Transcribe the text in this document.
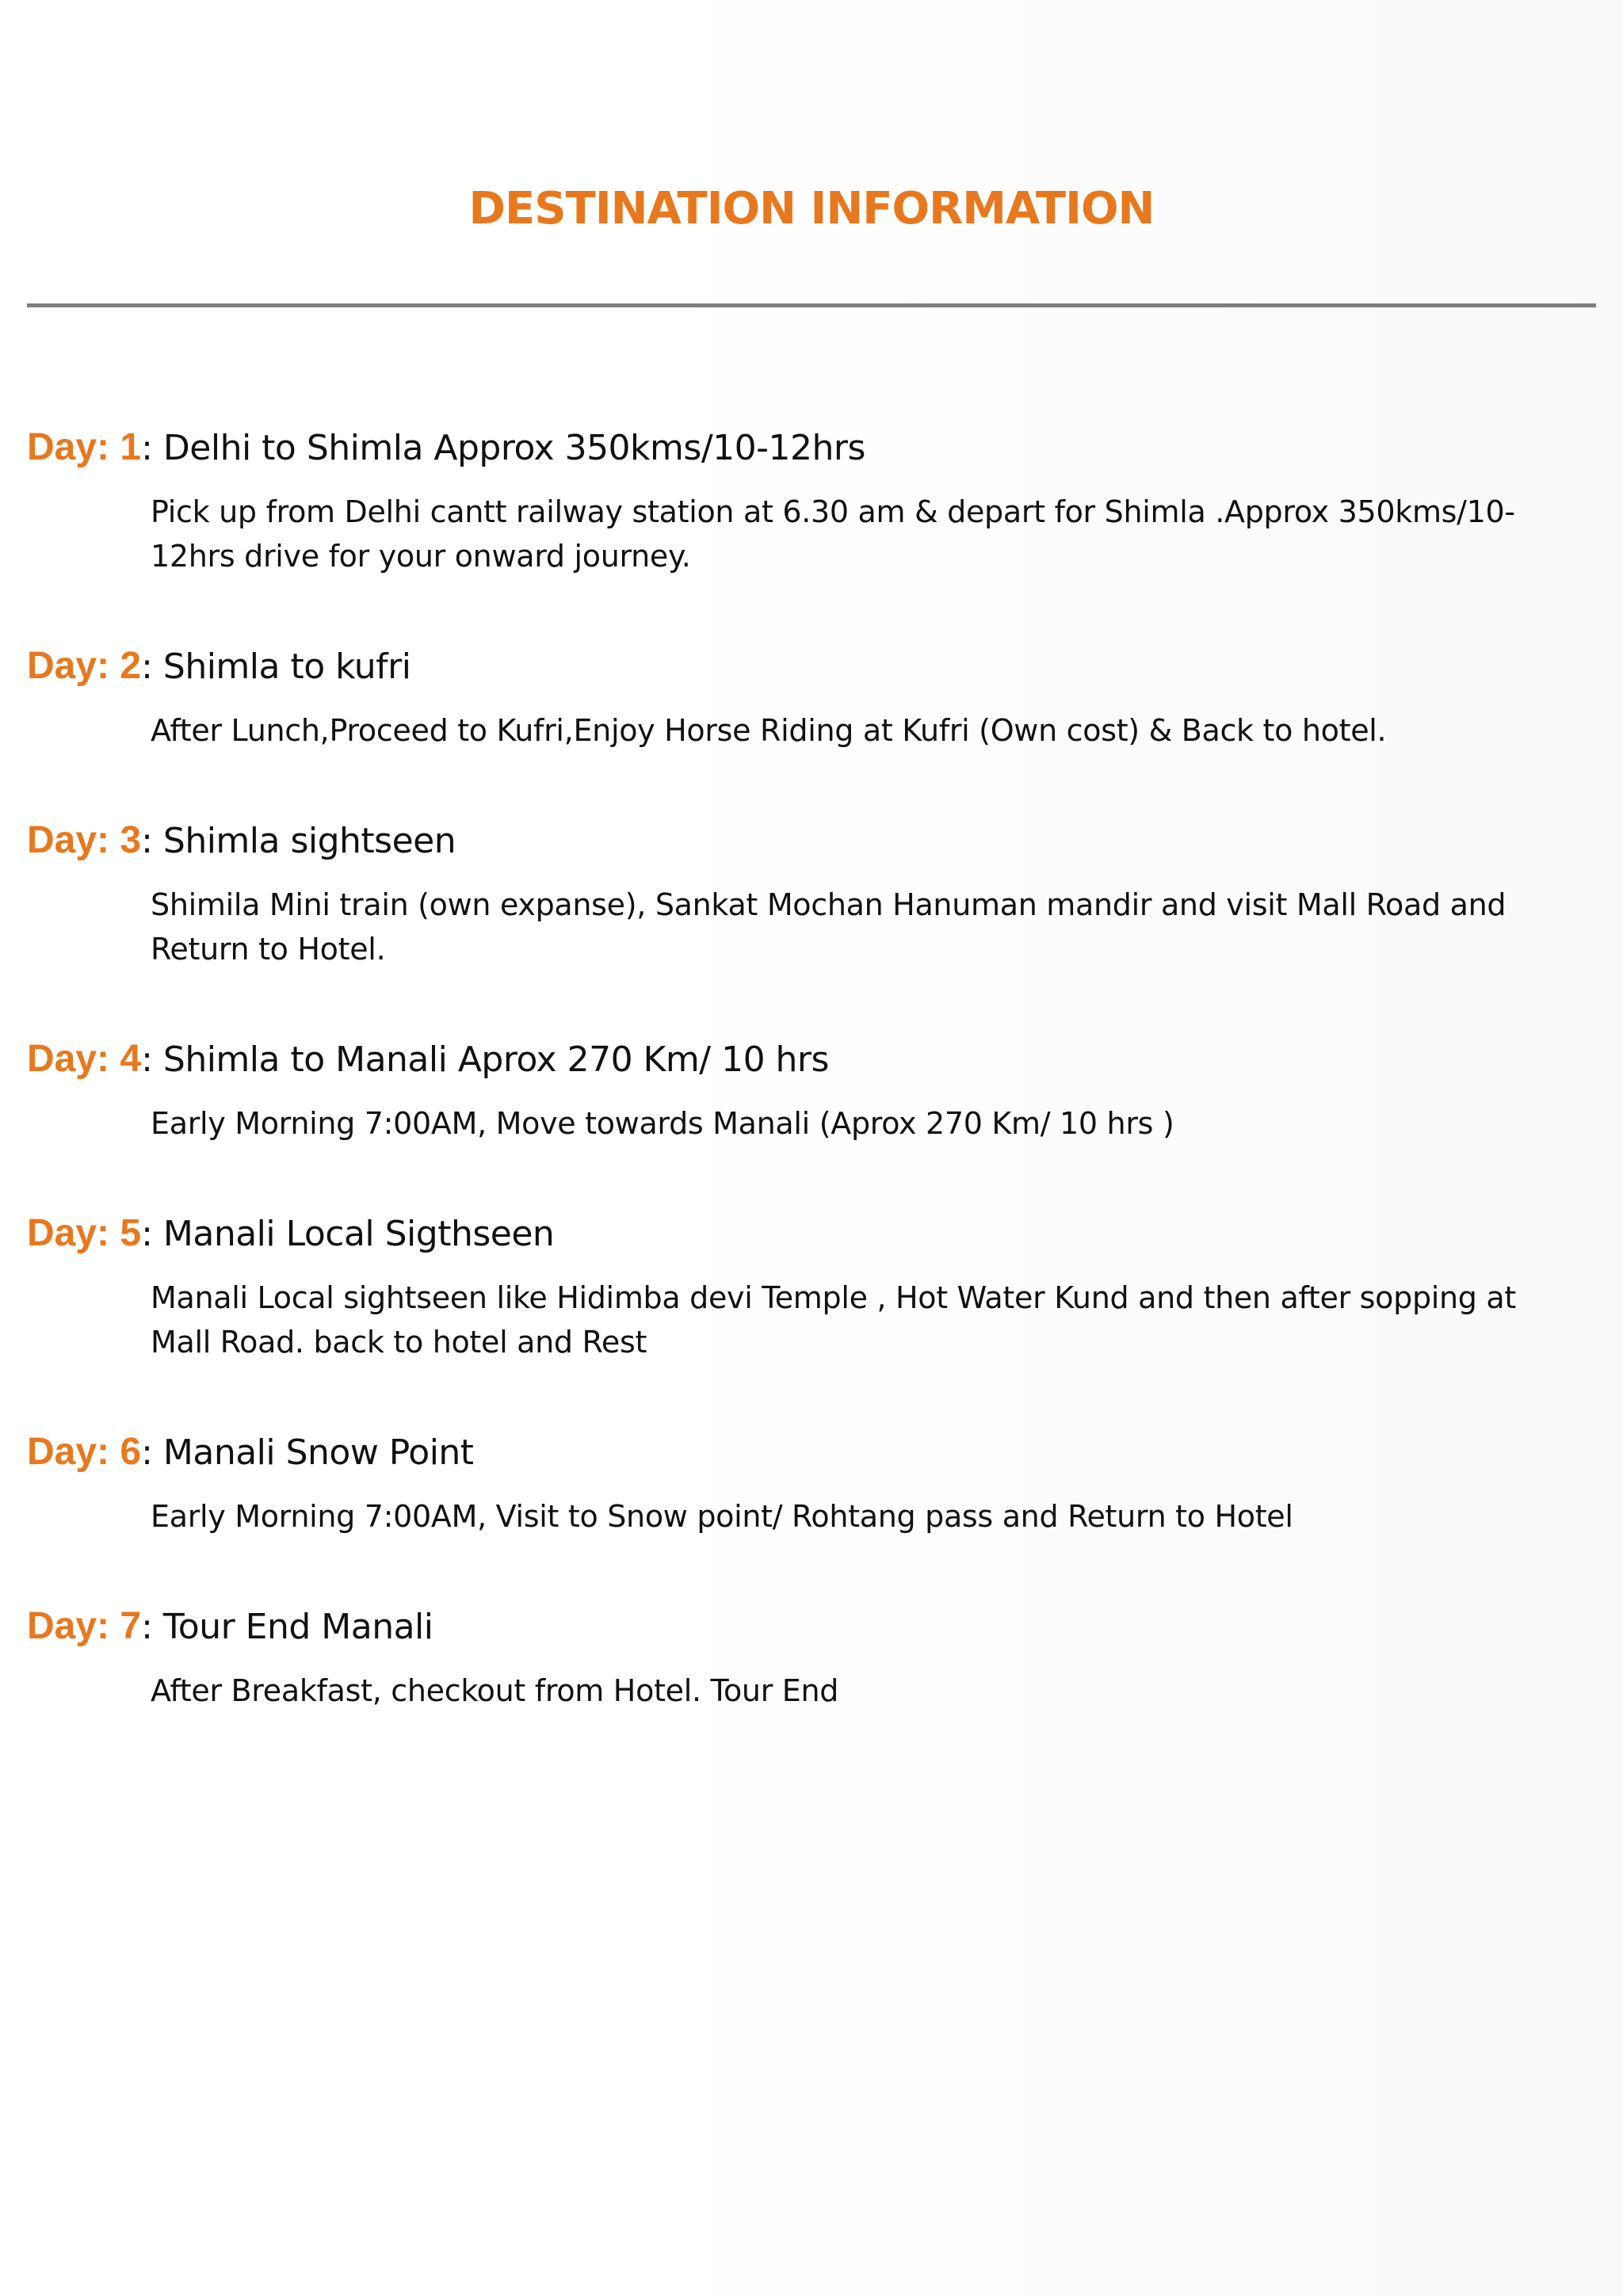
DESTINATION INFORMATION
Day: 1: Delhi to Shimla Approx 350kms/10-12hrs
Pick up from Delhi cantt railway station at 6.30 am & depart for Shimla .Approx 350kms/10-12hrs drive for your onward journey.
Day: 2: Shimla to kufri
After Lunch,Proceed to Kufri,Enjoy Horse Riding at Kufri (Own cost) & Back to hotel.
Day: 3: Shimla sightseen
Shimila Mini train (own expanse), Sankat Mochan Hanuman mandir and visit Mall Road and Return to Hotel.
Day: 4: Shimla to Manali Aprox 270 Km/ 10 hrs
Early Morning 7:00AM, Move towards Manali (Aprox 270 Km/ 10 hrs )
Day: 5: Manali Local Sigthseen
Manali Local sightseen like Hidimba devi Temple , Hot Water Kund and then after sopping at Mall Road. back to hotel and Rest
Day: 6: Manali Snow Point
Early Morning 7:00AM, Visit to Snow point/ Rohtang pass and Return to Hotel
Day: 7: Tour End Manali
After Breakfast, checkout from Hotel. Tour End
